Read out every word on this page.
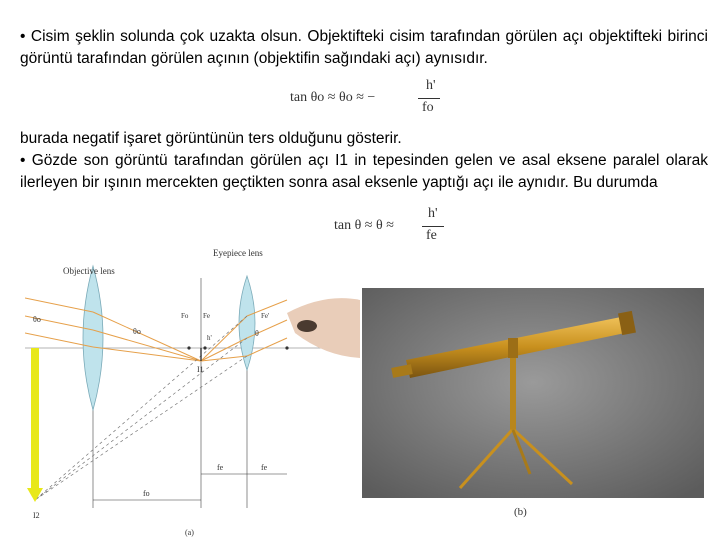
• Cisim şeklin solunda çok uzakta olsun. Objektifteki cisim tarafından görülen açı objektifteki birinci görüntü tarafından görülen açının (objektifin sağındaki açı) aynısıdır.

tan θo ≈ θo ≈ −
h'
fo

burada negatif işaret görüntünün ters olduğunu gösterir.

• Gözde son görüntü tarafından görülen açı I1 in tepesinden gelen ve asal eksene paralel olarak ilerleyen bir ışının mercekten geçtikten sonra asal eksenle yaptığı açı ile aynıdır. Bu durumda

tan θ ≈ θ ≈
h'
fe
Objective lens
Eyepiece lens
θo
θo
Fo Fe	Fe'
h'	θ
I1
I2
fe	fe
fo
(a)
(b)
